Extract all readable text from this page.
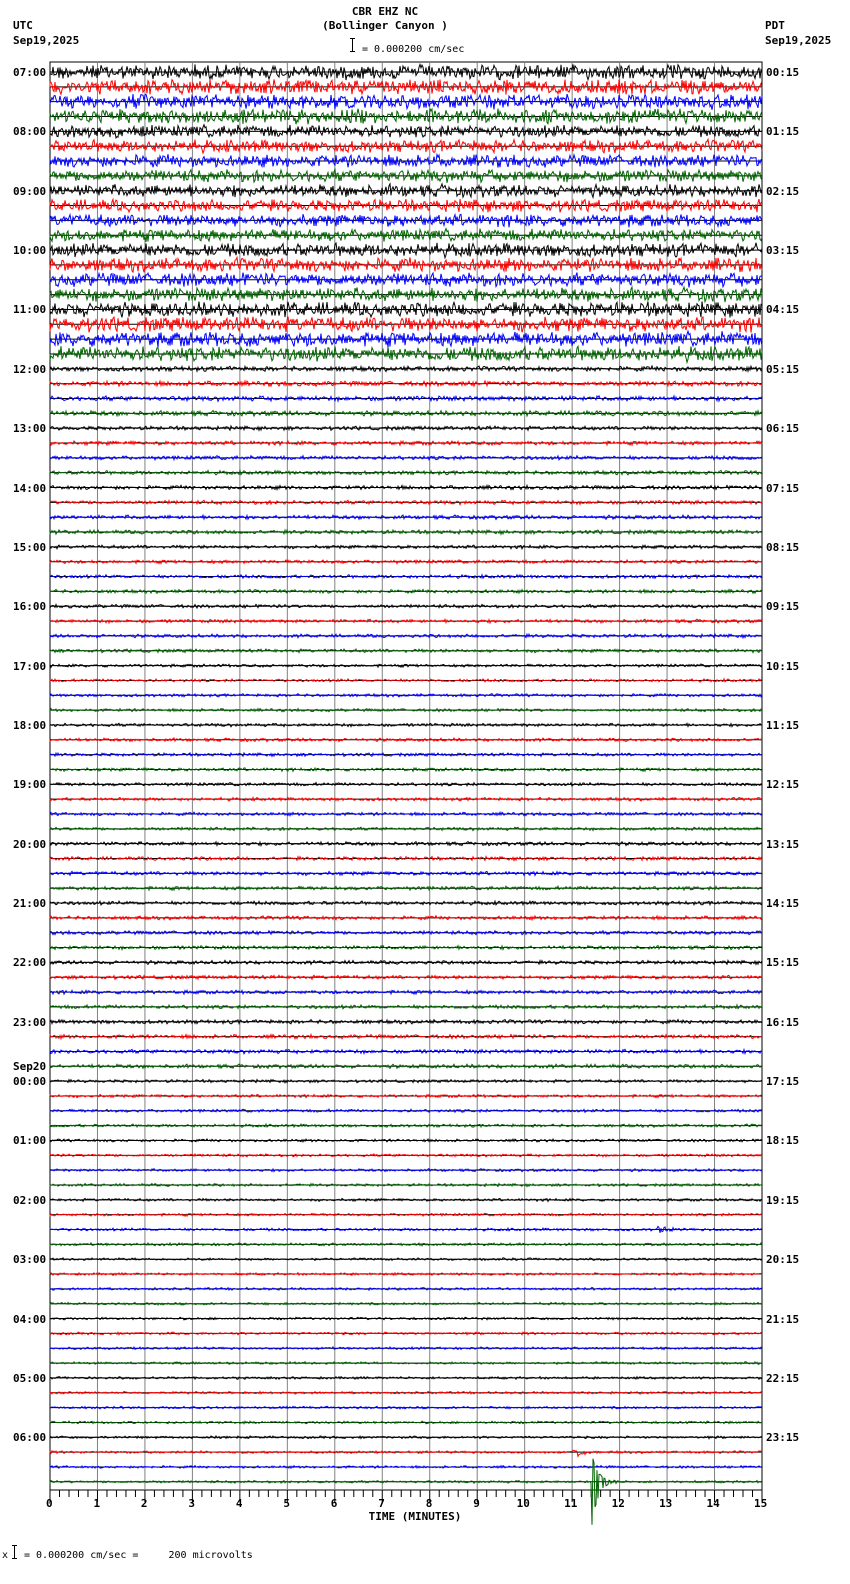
CBR EHZ NC
(Bollinger Canyon )
= 0.000200 cm/sec
UTC
Sep19,2025
PDT
Sep19,2025
TIME (MINUTES)
x = 0.000200 cm/sec =     200 microvolts
07:00
08:00
09:00
10:00
11:00
12:00
13:00
14:00
15:00
16:00
17:00
18:00
19:00
20:00
21:00
22:00
23:00
00:00
01:00
02:00
03:00
04:00
05:00
06:00
00:15
01:15
02:15
03:15
04:15
05:15
06:15
07:15
08:15
09:15
10:15
11:15
12:15
13:15
14:15
15:15
16:15
17:15
18:15
19:15
20:15
21:15
22:15
23:15
Sep20
0	1	2	3	4	5	6	7	8	9	10	11	12	13	14	15
